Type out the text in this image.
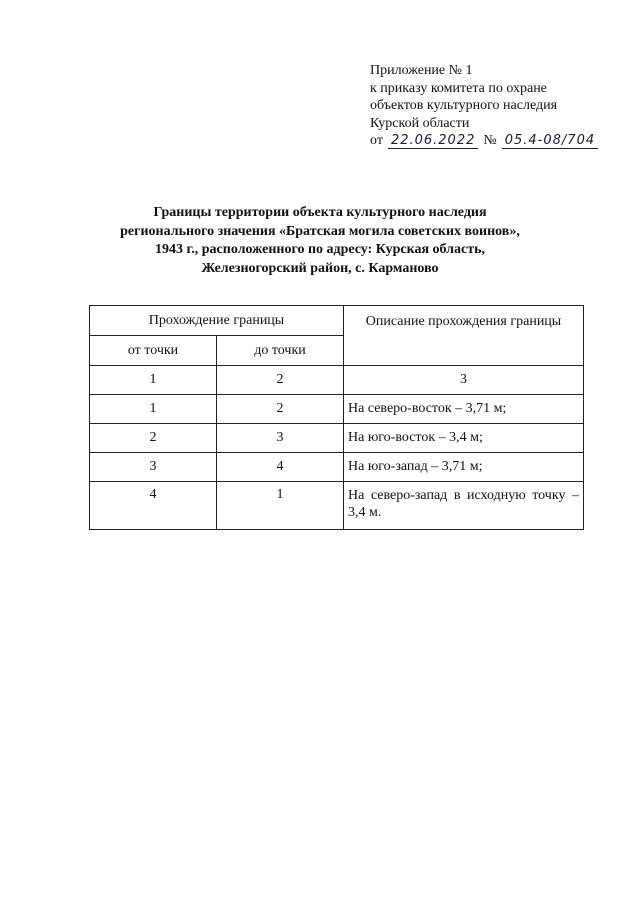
Приложение № 1
к приказу комитета по охране
объектов культурного наследия
Курской области
от 22.06.2022 № 05.4-08/704
Границы территории объекта культурного наследия
регионального значения «Братская могила советских воинов»,
1943 г., расположенного по адресу: Курская область,
Железногорский район, с. Карманово
Прохождение границы		Описание прохождения границы
от точки	до точки	
1	2	3
1	2	На северо-восток – 3,71 м;
2	3	На юго-восток – 3,4 м;
3	4	На юго-запад – 3,71 м;
4	1	На северо-запад в исходную точку – 3,4 м.
